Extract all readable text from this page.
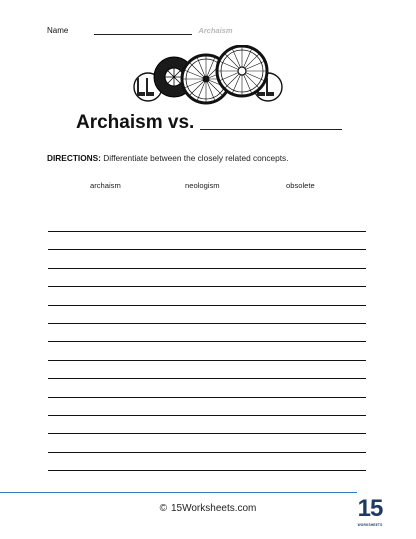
Name	Archaism
Archaism vs.
DIRECTIONS: Differentiate between the closely related concepts.
archaism	neologism	obsolete
© 15Worksheets.com	15
WORKSHEETS
